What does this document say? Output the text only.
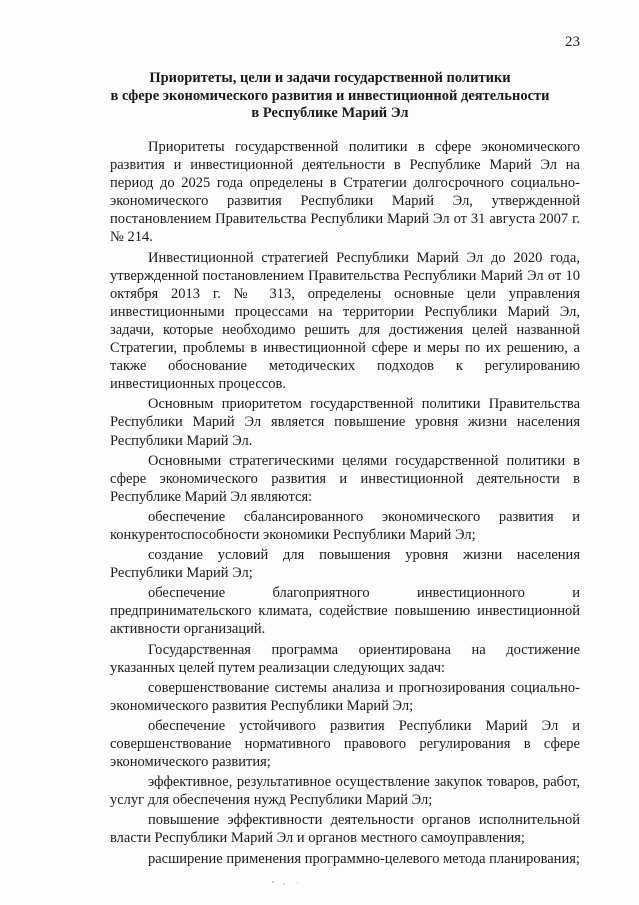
23
Приоритеты, цели и задачи государственной политики
в сфере экономического развития и инвестиционной деятельности
в Республике Марий Эл

Приоритеты государственной политики в сфере экономического развития и инвестиционной деятельности в Республике Марий Эл на период до 2025 года определены в Стратегии долгосрочного социально-экономического развития Республики Марий Эл, утвержденной постановлением Правительства Республики Марий Эл от 31 августа 2007 г. № 214.

Инвестиционной стратегией Республики Марий Эл до 2020 года, утвержденной постановлением Правительства Республики Марий Эл от 10 октября 2013 г. № 313, определены основные цели управления инвестиционными процессами на территории Республики Марий Эл, задачи, которые необходимо решить для достижения целей названной Стратегии, проблемы в инвестиционной сфере и меры по их решению, а также обоснование методических подходов к регулированию инвестиционных процессов.

Основным приоритетом государственной политики Правительства Республики Марий Эл является повышение уровня жизни населения Республики Марий Эл.

Основными стратегическими целями государственной политики в сфере экономического развития и инвестиционной деятельности в Республике Марий Эл являются:

обеспечение сбалансированного экономического развития и конкурентоспособности экономики Республики Марий Эл;

создание условий для повышения уровня жизни населения Республики Марий Эл;

обеспечение благоприятного инвестиционного и предпринимательского климата, содействие повышению инвестиционной активности организаций.

Государственная программа ориентирована на достижение указанных целей путем реализации следующих задач:

совершенствование системы анализа и прогнозирования социально-экономического развития Республики Марий Эл;

обеспечение устойчивого развития Республики Марий Эл и совершенствование нормативного правового регулирования в сфере экономического развития;

эффективное, результативное осуществление закупок товаров, работ, услуг для обеспечения нужд Республики Марий Эл;

повышение эффективности деятельности органов исполнительной власти Республики Марий Эл и органов местного самоуправления;

расширение применения программно-целевого метода планирования;
